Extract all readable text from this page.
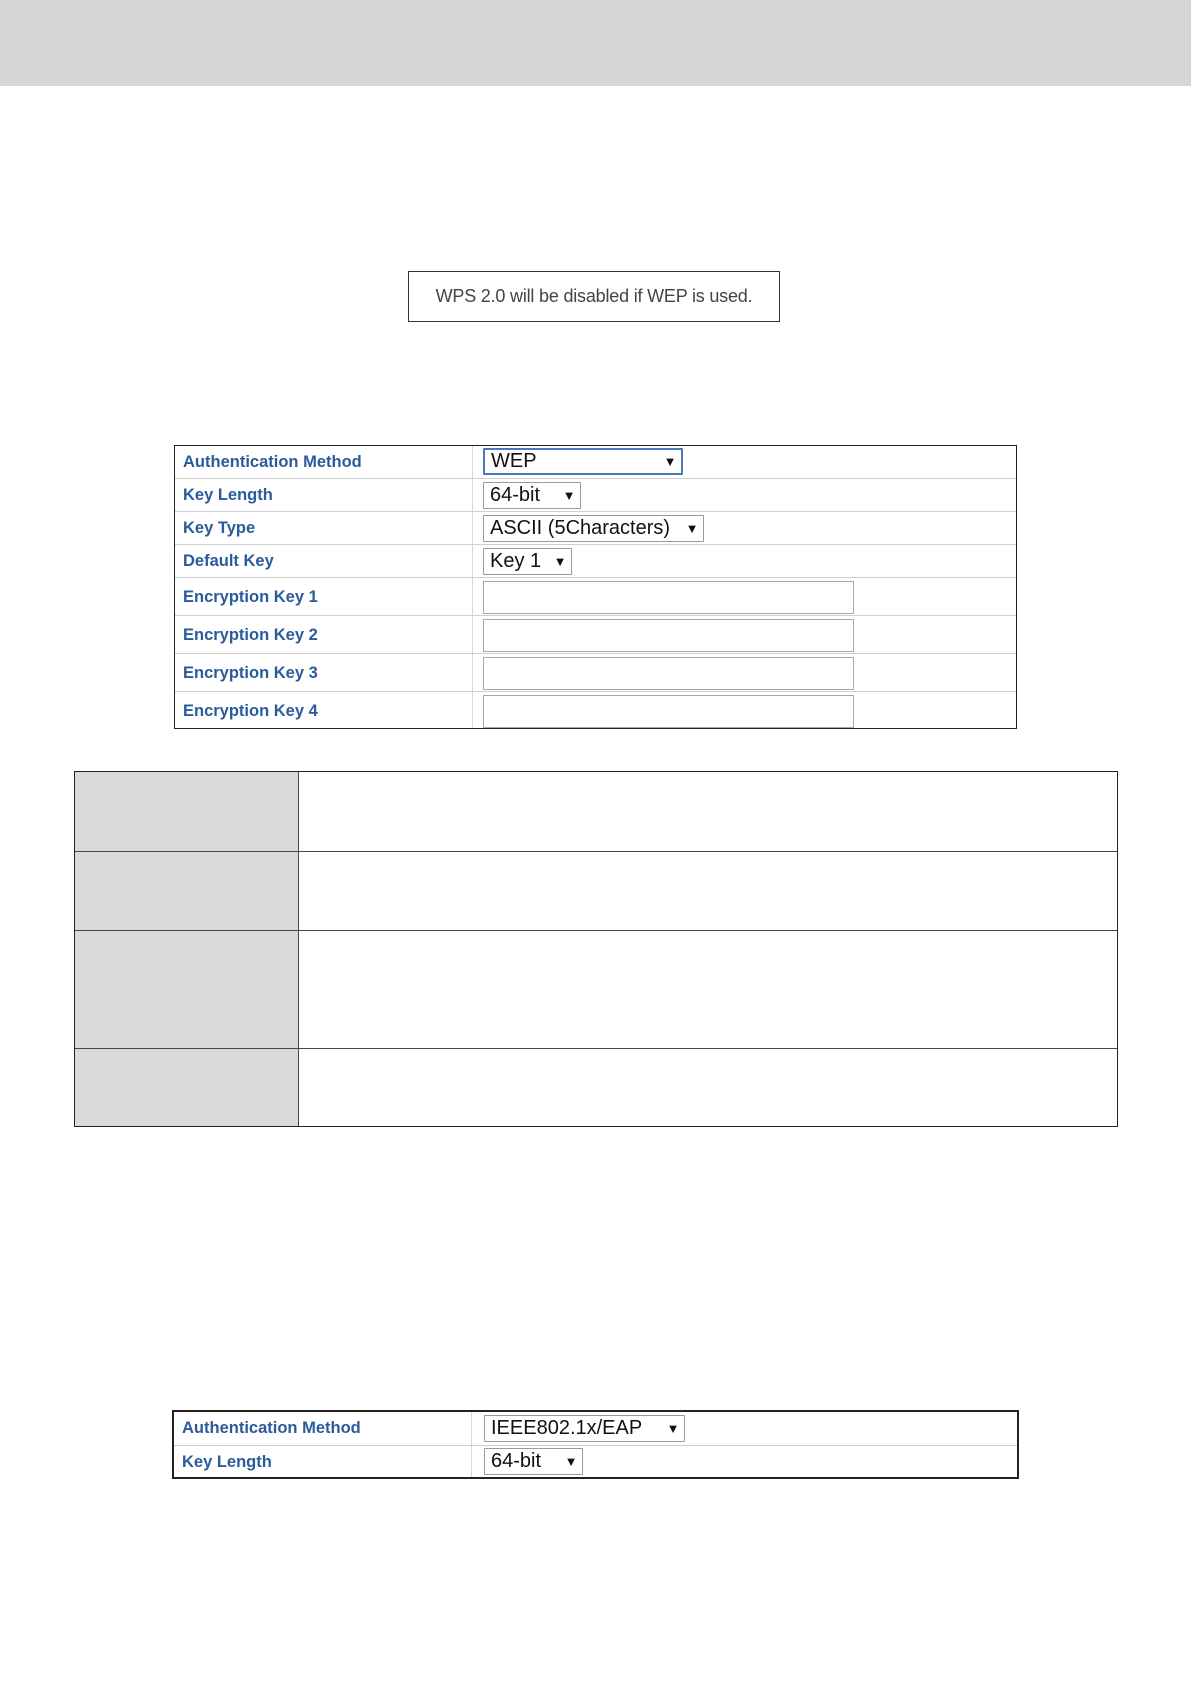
WPS 2.0 will be disabled if WEP is used.
Authentication Method	WEP	▼
Key Length	64-bit	▼
Key Type	ASCII (5Characters)	▼
Default Key	Key 1 ▼
Encryption Key 1
Encryption Key 2
Encryption Key 3
Encryption Key 4
Authentication Method	IEEE802.1x/EAP	▼
Key Length	64-bit	▼
